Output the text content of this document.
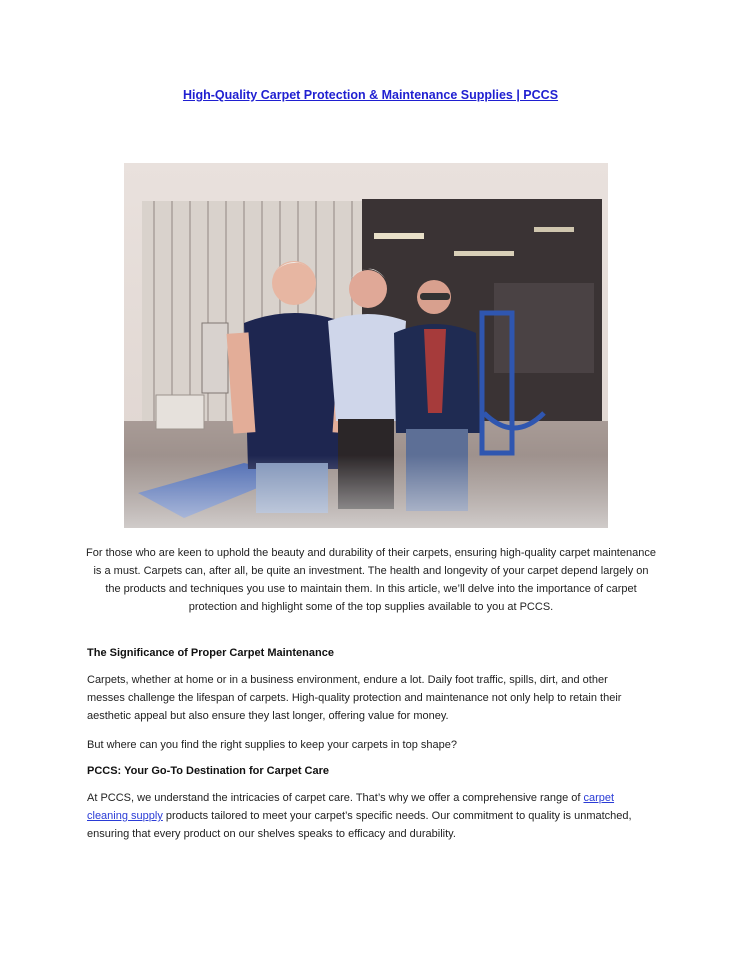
High-Quality Carpet Protection & Maintenance Supplies | PCCS
For those who are keen to uphold the beauty and durability of their carpets, ensuring high-quality carpet maintenance is a must. Carpets can, after all, be quite an investment. The health and longevity of your carpet depend largely on the products and techniques you use to maintain them. In this article, we’ll delve into the importance of carpet protection and highlight some of the top supplies available to you at PCCS.
The Significance of Proper Carpet Maintenance
Carpets, whether at home or in a business environment, endure a lot. Daily foot traffic, spills, dirt, and other messes challenge the lifespan of carpets. High-quality protection and maintenance not only help to retain their aesthetic appeal but also ensure they last longer, offering value for money.
But where can you find the right supplies to keep your carpets in top shape?
PCCS: Your Go-To Destination for Carpet Care
At PCCS, we understand the intricacies of carpet care. That’s why we offer a comprehensive range of carpet cleaning supply products tailored to meet your carpet’s specific needs. Our commitment to quality is unmatched, ensuring that every product on our shelves speaks to efficacy and durability.
